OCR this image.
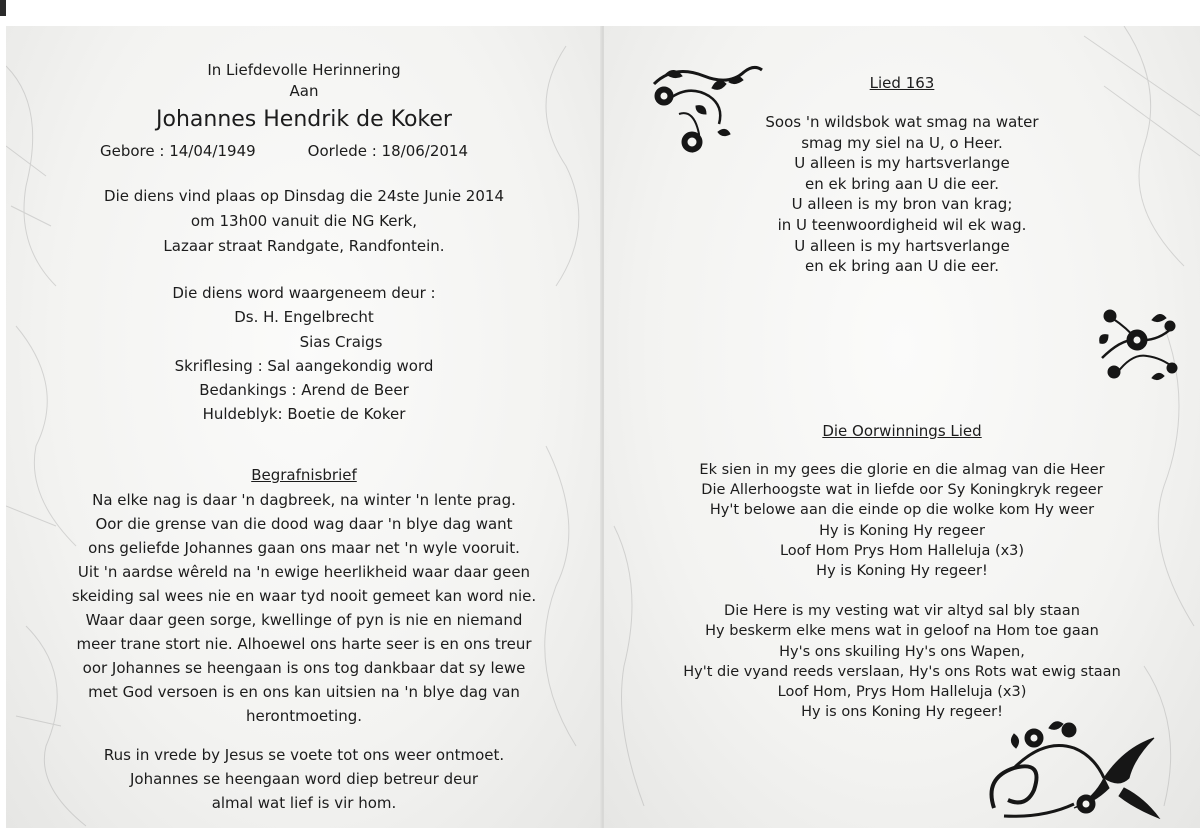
In Liefdevolle Herinnering
Aan
Johannes Hendrik de Koker
Gebore : 14/04/1949	Oorlede : 18/06/2014
Die diens vind plaas op Dinsdag die 24ste Junie 2014
om 13h00 vanuit die NG Kerk,
Lazaar straat Randgate, Randfontein.
Die diens word waargeneem deur :
Ds. H. Engelbrecht
Sias Craigs
Skriflesing : Sal aangekondig word
Bedankings : Arend de Beer
Huldeblyk: Boetie de Koker
Begrafnisbrief
Na elke nag is daar 'n dagbreek, na winter 'n lente prag.
Oor die grense van die dood wag daar 'n blye dag want
ons geliefde Johannes gaan ons maar net 'n wyle vooruit.
Uit 'n aardse wêreld na 'n ewige heerlikheid waar daar geen
skeiding sal wees nie en waar tyd nooit gemeet kan word nie.
Waar daar geen sorge, kwellinge of pyn is nie en niemand
meer trane stort nie. Alhoewel ons harte seer is en ons treur
oor Johannes se heengaan is ons tog dankbaar dat sy lewe
met God versoen is en ons kan uitsien na 'n blye dag van
herontmoeting.
Rus in vrede by Jesus se voete tot ons weer ontmoet.
Johannes se heengaan word diep betreur deur
almal wat lief is vir hom.
Lied 163
Soos 'n wildsbok wat smag na water
smag my siel na U, o Heer.
U alleen is my hartsverlange
en ek bring aan U die eer.
U alleen is my bron van krag;
in U teenwoordigheid wil ek wag.
U alleen is my hartsverlange
en ek bring aan U die eer.
Die Oorwinnings Lied
Ek sien in my gees die glorie en die almag van die Heer
Die Allerhoogste wat in liefde oor Sy Koningkryk regeer
Hy't belowe aan die einde op die wolke kom Hy weer
Hy is Koning Hy regeer
Loof Hom Prys Hom Halleluja (x3)
Hy is Koning Hy regeer!
Die Here is my vesting wat vir altyd sal bly staan
Hy beskerm elke mens wat in geloof na Hom toe gaan
Hy's ons skuiling Hy's ons Wapen,
Hy't die vyand reeds verslaan, Hy's ons Rots wat ewig staan
Loof Hom, Prys Hom Halleluja (x3)
Hy is ons Koning Hy regeer!
